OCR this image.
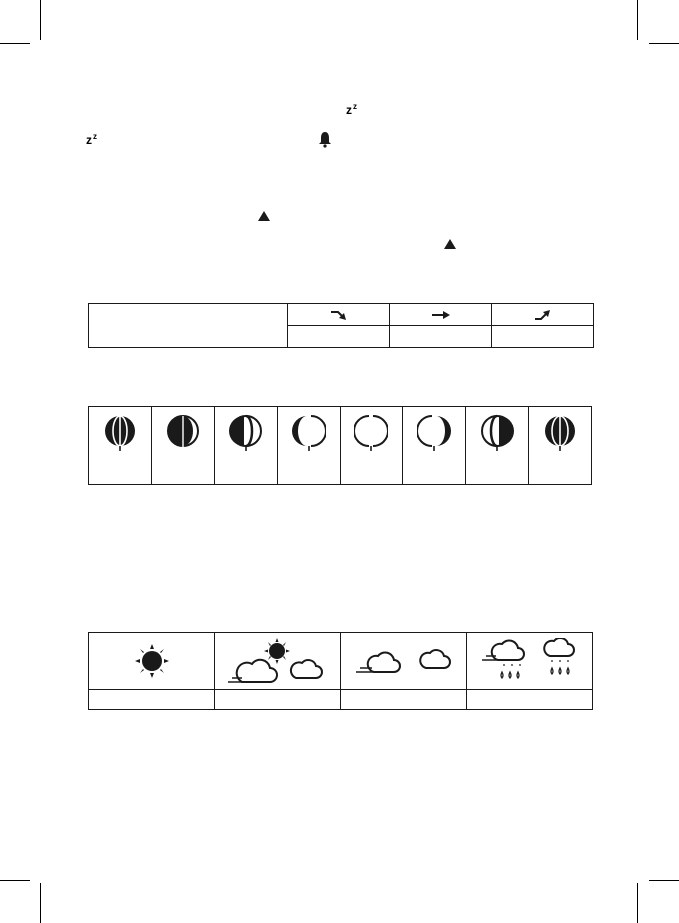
z z
z z
